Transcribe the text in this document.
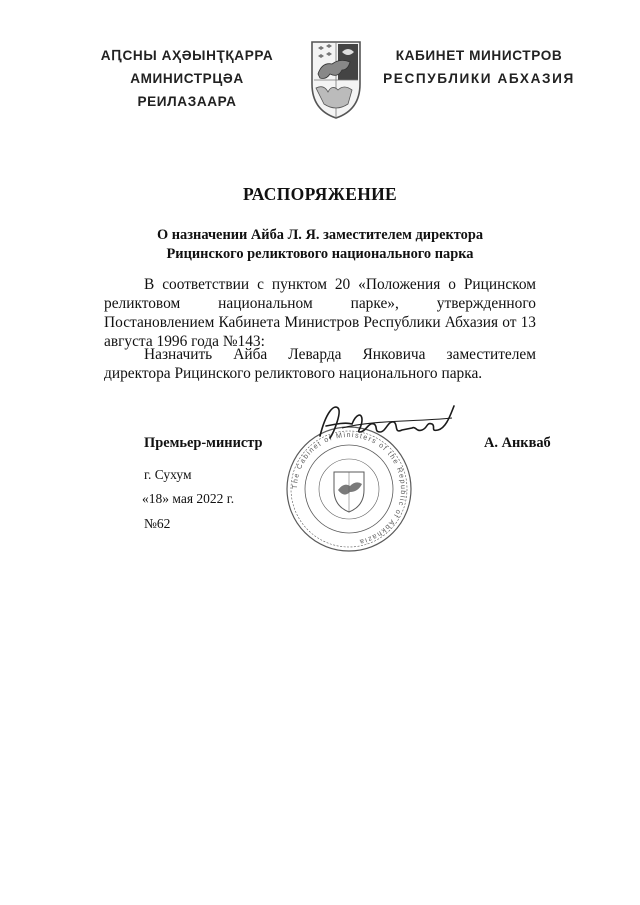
АԤСНЫ АҲӘЫНҬҚАРРА
АМИНИСТРЦӘА РЕИЛАЗААРА
КАБИНЕТ МИНИСТРОВ
РЕСПУБЛИКИ АБХАЗИЯ
РАСПОРЯЖЕНИЕ
О назначении Айба Л. Я. заместителем директора
Рицинского реликтового национального парка
В соответствии с пунктом 20 «Положения о Рицинском реликтовом национальном парке», утвержденного Постановлением Кабинета Министров Республики Абхазия от 13 августа 1996 года №143:
Назначить Айба Леварда Янковича заместителем директора Рицинского реликтового национального парка.
The Cabinet of Ministers of the Republic of Abkhazia
Премьер-министр	А. Анкваб
г. Сухум
«18» мая 2022 г.
№62
